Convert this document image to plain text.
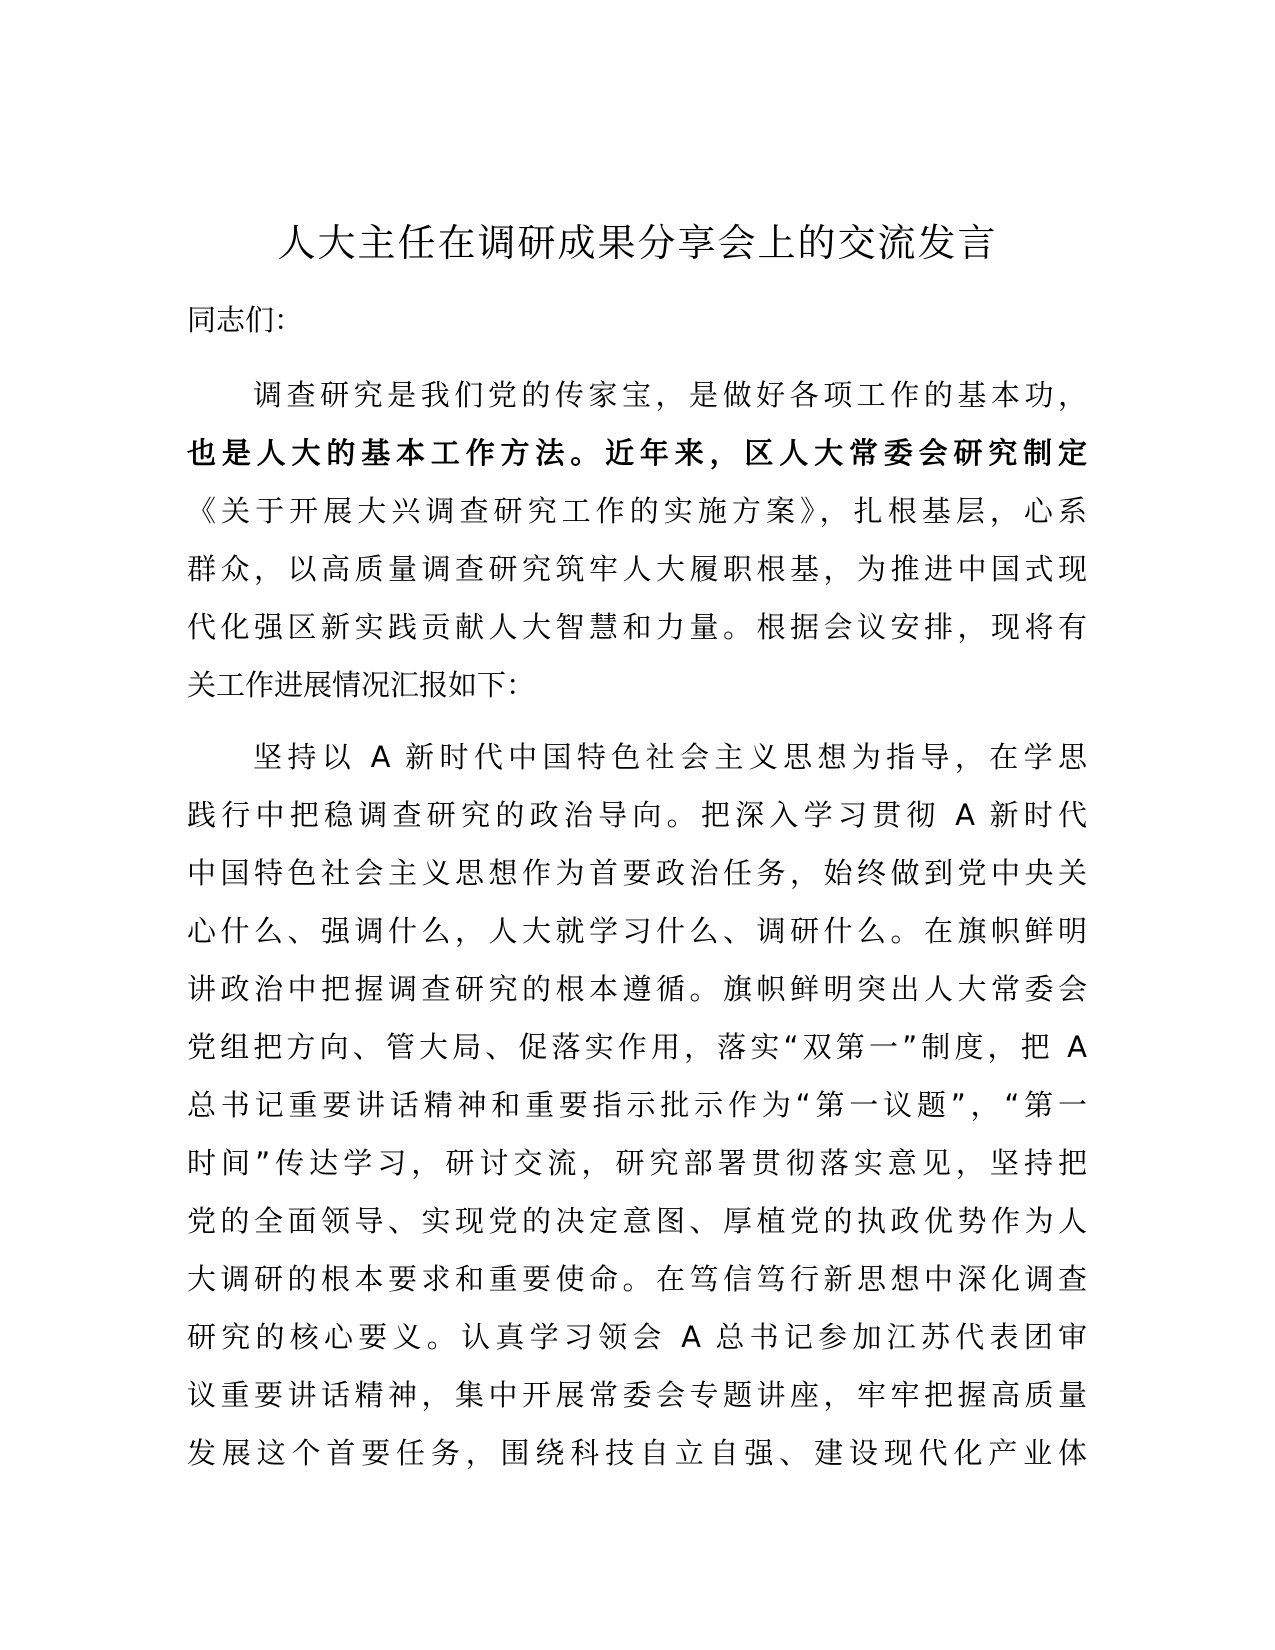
人大主任在调研成果分享会上的交流发言
同志们：
调查研究是我们党的传家宝，是做好各项工作的基本功，
也是人大的基本工作方法。近年来，区人大常委会研究制定
《关于开展大兴调查研究工作的实施方案》，扎根基层，心系
群众，以高质量调查研究筑牢人大履职根基，为推进中国式现
代化强区新实践贡献人大智慧和力量。根据会议安排，现将有
关工作进展情况汇报如下：
坚持以 A 新时代中国特色社会主义思想为指导，在学思
践行中把稳调查研究的政治导向。把深入学习贯彻 A 新时代
中国特色社会主义思想作为首要政治任务，始终做到党中央关
心什么、强调什么，人大就学习什么、调研什么。在旗帜鲜明
讲政治中把握调查研究的根本遵循。旗帜鲜明突出人大常委会
党组把方向、管大局、促落实作用，落实“双第一”制度，把 A
总书记重要讲话精神和重要指示批示作为“第一议题”，“第一
时间”传达学习，研讨交流，研究部署贯彻落实意见，坚持把
党的全面领导、实现党的决定意图、厚植党的执政优势作为人
大调研的根本要求和重要使命。在笃信笃行新思想中深化调查
研究的核心要义。认真学习领会 A 总书记参加江苏代表团审
议重要讲话精神，集中开展常委会专题讲座，牢牢把握高质量
发展这个首要任务，围绕科技自立自强、建设现代化产业体
